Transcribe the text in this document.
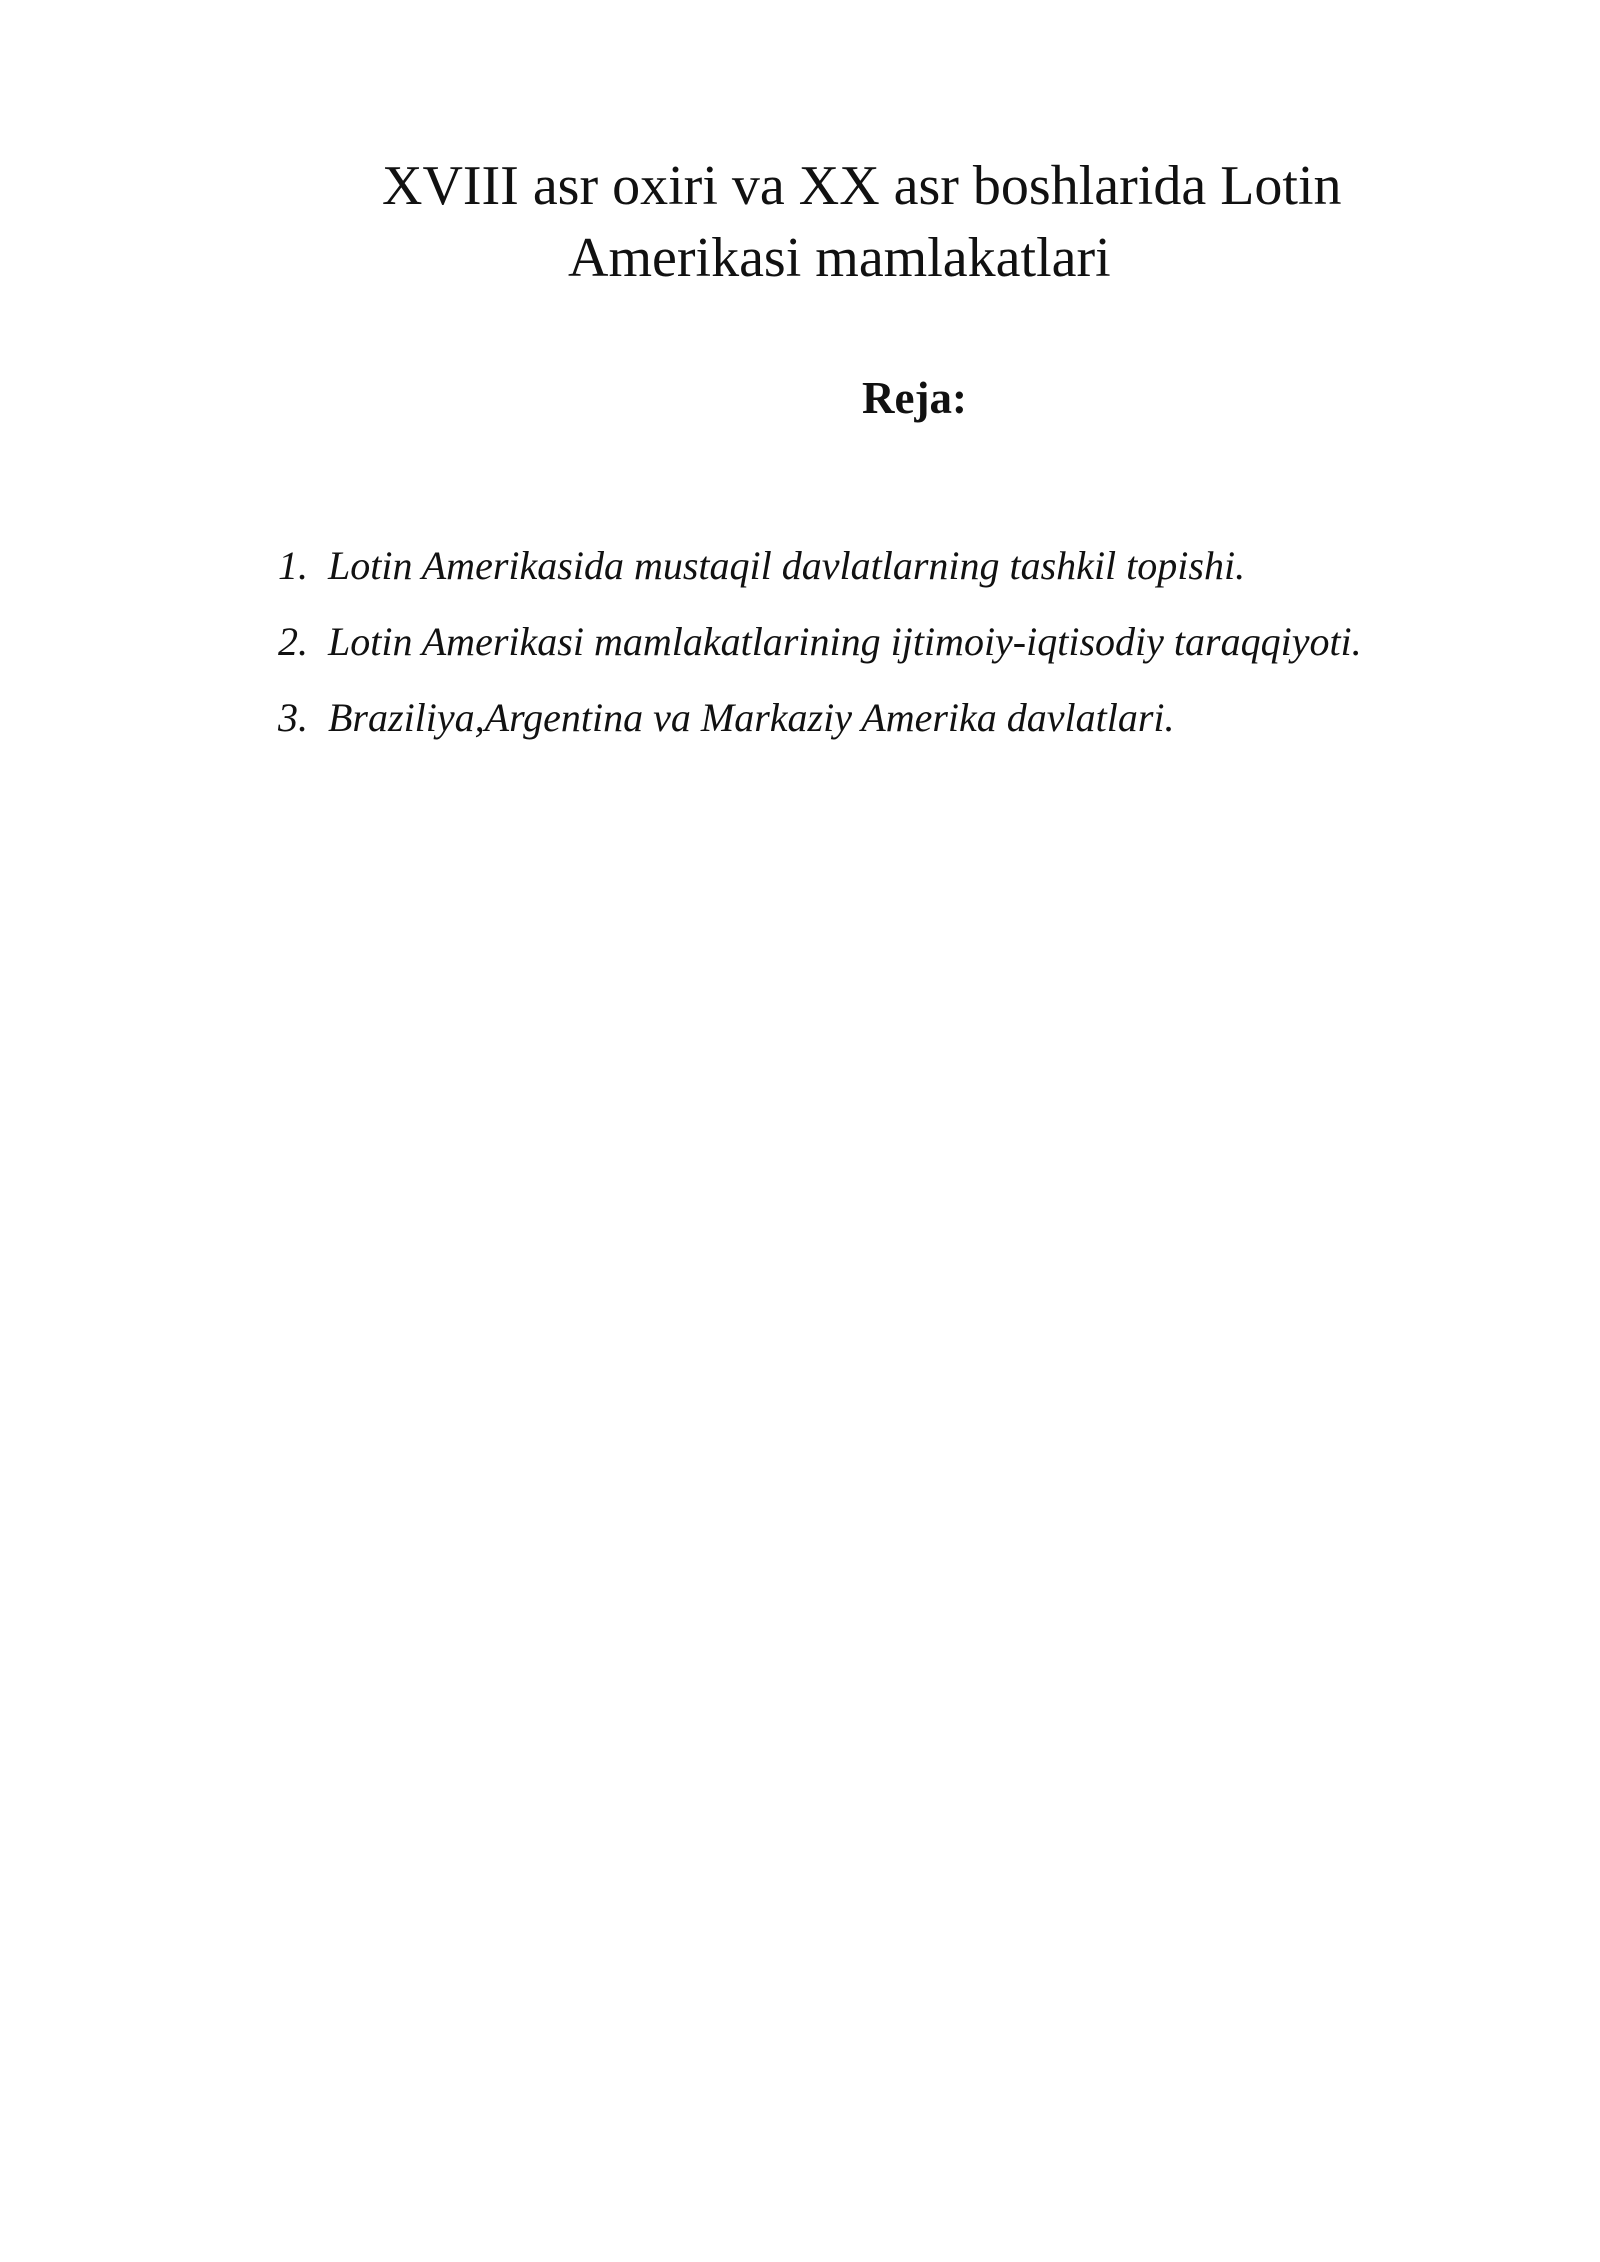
XVIII asr oxiri va XX asr boshlarida Lotin
Amerikasi mamlakatlari
Reja:
1. Lotin Amerikasida mustaqil davlatlarning tashkil topishi.
2. Lotin Amerikasi mamlakatlarining ijtimoiy-iqtisodiy taraqqiyoti.
3. Braziliya,Argentina va Markaziy Amerika davlatlari.
